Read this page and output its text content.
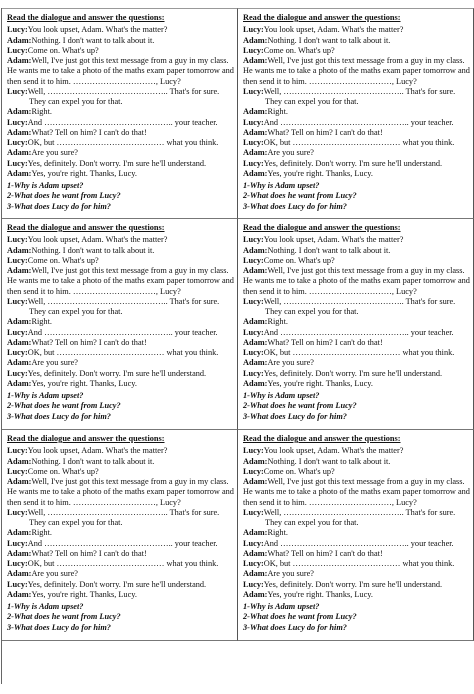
Read the dialogue and answer the questions:
Lucy:You look upset, Adam. What's the matter?
Adam:Nothing. I don't want to talk about it.
Lucy:Come on. What's up?
Adam:Well, I've just got this text message from a guy in my class. He wants me to take a photo of the maths exam paper tomorrow and then send it to him. …………………………, Lucy?
Lucy:Well, …………………………………….. That's for sure.
They can expel you for that.
Adam:Right.
Lucy:And ……………………………………….. your teacher.
Adam:What? Tell on him? I can't do that!
Lucy:OK, but ………………………………… what you think.
Adam:Are you sure?
Lucy:Yes, definitely. Don't worry. I'm sure he'll understand.
Adam:Yes, you're right. Thanks, Lucy.
1-Why is Adam upset?
2-What does he want from Lucy?
3-What does Lucy do for him?
Read the dialogue and answer the questions:
Lucy:You look upset, Adam. What's the matter?
Adam:Nothing. I don't want to talk about it.
Lucy:Come on. What's up?
Adam:Well, I've just got this text message from a guy in my class. He wants me to take a photo of the maths exam paper tomorrow and then send it to him. …………………………, Lucy?
Lucy:Well, …………………………………….. That's for sure.
They can expel you for that.
Adam:Right.
Lucy:And ……………………………………….. your teacher.
Adam:What? Tell on him? I can't do that!
Lucy:OK, but ………………………………… what you think.
Adam:Are you sure?
Lucy:Yes, definitely. Don't worry. I'm sure he'll understand.
Adam:Yes, you're right. Thanks, Lucy.
1-Why is Adam upset?
2-What does he want from Lucy?
3-What does Lucy do for him?
Read the dialogue and answer the questions:
Lucy:You look upset, Adam. What's the matter?
Adam:Nothing. I don't want to talk about it.
Lucy:Come on. What's up?
Adam:Well, I've just got this text message from a guy in my class. He wants me to take a photo of the maths exam paper tomorrow and then send it to him. …………………………, Lucy?
Lucy:Well, …………………………………….. That's for sure.
They can expel you for that.
Adam:Right.
Lucy:And ……………………………………….. your teacher.
Adam:What? Tell on him? I can't do that!
Lucy:OK, but ………………………………… what you think.
Adam:Are you sure?
Lucy:Yes, definitely. Don't worry. I'm sure he'll understand.
Adam:Yes, you're right. Thanks, Lucy.
1-Why is Adam upset?
2-What does he want from Lucy?
3-What does Lucy do for him?
Read the dialogue and answer the questions:
Lucy:You look upset, Adam. What's the matter?
Adam:Nothing. I don't want to talk about it.
Lucy:Come on. What's up?
Adam:Well, I've just got this text message from a guy in my class. He wants me to take a photo of the maths exam paper tomorrow and then send it to him. …………………………, Lucy?
Lucy:Well, …………………………………….. That's for sure.
They can expel you for that.
Adam:Right.
Lucy:And ……………………………………….. your teacher.
Adam:What? Tell on him? I can't do that!
Lucy:OK, but ………………………………… what you think.
Adam:Are you sure?
Lucy:Yes, definitely. Don't worry. I'm sure he'll understand.
Adam:Yes, you're right. Thanks, Lucy.
1-Why is Adam upset?
2-What does he want from Lucy?
3-What does Lucy do for him?
Read the dialogue and answer the questions:
Lucy:You look upset, Adam. What's the matter?
Adam:Nothing. I don't want to talk about it.
Lucy:Come on. What's up?
Adam:Well, I've just got this text message from a guy in my class. He wants me to take a photo of the maths exam paper tomorrow and then send it to him. …………………………, Lucy?
Lucy:Well, …………………………………….. That's for sure.
They can expel you for that.
Adam:Right.
Lucy:And ……………………………………….. your teacher.
Adam:What? Tell on him? I can't do that!
Lucy:OK, but ………………………………… what you think.
Adam:Are you sure?
Lucy:Yes, definitely. Don't worry. I'm sure he'll understand.
Adam:Yes, you're right. Thanks, Lucy.
1-Why is Adam upset?
2-What does he want from Lucy?
3-What does Lucy do for him?
Read the dialogue and answer the questions:
Lucy:You look upset, Adam. What's the matter?
Adam:Nothing. I don't want to talk about it.
Lucy:Come on. What's up?
Adam:Well, I've just got this text message from a guy in my class. He wants me to take a photo of the maths exam paper tomorrow and then send it to him. …………………………, Lucy?
Lucy:Well, …………………………………….. That's for sure.
They can expel you for that.
Adam:Right.
Lucy:And ……………………………………….. your teacher.
Adam:What? Tell on him? I can't do that!
Lucy:OK, but ………………………………… what you think.
Adam:Are you sure?
Lucy:Yes, definitely. Don't worry. I'm sure he'll understand.
Adam:Yes, you're right. Thanks, Lucy.
1-Why is Adam upset?
2-What does he want from Lucy?
3-What does Lucy do for him?
